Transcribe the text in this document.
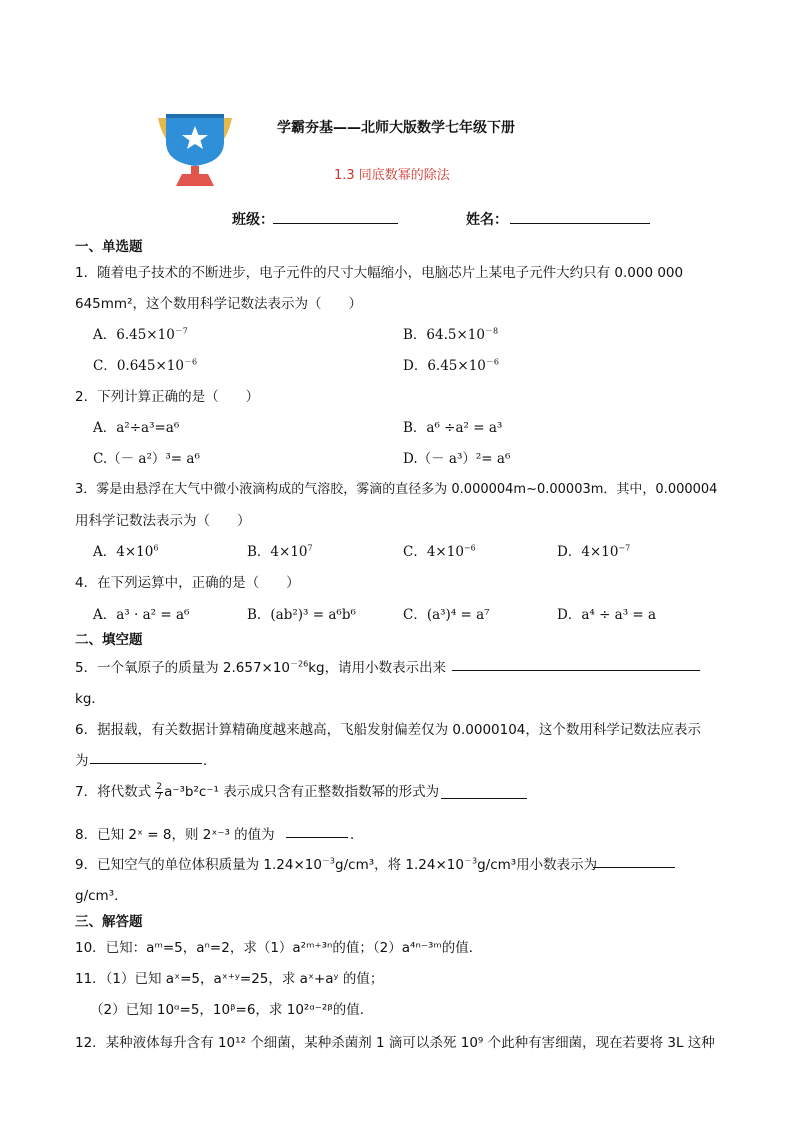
学霸夯基——北师大版数学七年级下册
1.3 同底数幂的除法
班级：	姓名：
一、单选题
1．随着电子技术的不断进步，电子元件的尺寸大幅缩小，电脑芯片上某电子元件大约只有 0.000 000
645mm²，这个数用科学记数法表示为（　　）
A．$6.45\times 10^{-7}$	B．$64.5\times 10^{-8}$
C．$0.645\times 10^{-6}$	D．$6.45\times 10^{-6}$
2．下列计算正确的是（　　）
A．a²÷a³=a⁶	B．a⁶ ÷a² = a³
C.（－ a²）³= a⁶	D.（－ a³）²= a⁶
3．雾是由悬浮在大气中微小液滴构成的气溶胶，雾滴的直径多为 0.000004m~0.00003m．其中，0.000004
用科学记数法表示为（　　）
A．$4\times 10^6$	B．$4\times 10^7$	C．$4\times 10^{-6}$	D．$4\times 10^{-7}$
4．在下列运算中，正确的是（　　）
A．a³ · a² = a⁶	B．(ab²)³ = a⁶b⁶	C．(a³)⁴ = a⁷	D．a⁴ ÷ a³ = a
二、填空题
5．一个氧原子的质量为 $2.657\times 10^{-26}kg$，请用小数表示出来
kg．
6．据报载，有关数据计算精确度越来越高，飞船发射偏差仅为 0.0000104，这个数用科学记数法应表示
为	．
7．将代数式 $\frac{2}{7} a^{-3}b^2c^{-1}$ 表示成只含有正整数指数幂的形式为
8．已知 2ˣ = 8，则 2ˣ⁻³ 的值为	．
9．已知空气的单位体积质量为 $1.24\times 10^{-3}g$/cm³，将 $1.24\times 10^{-3}g$/cm³用小数表示为
g/cm³．
三、解答题
10．已知：aᵐ=5，aⁿ=2，求（1）a²ᵐ⁺³ⁿ的值；（2）a⁴ⁿ⁻³ᵐ的值．
11．（1）已知 aˣ=5，aˣ⁺ʸ=25，求 aˣ+aʸ 的值；
（2）已知 10ᵅ=5，10ᵝ=6，求 10²ᵅ⁻²ᵝ的值．
12．某种液体每升含有 10¹² 个细菌，某种杀菌剂 1 滴可以杀死 10⁹ 个此种有害细菌，现在若要将 3L 这种
